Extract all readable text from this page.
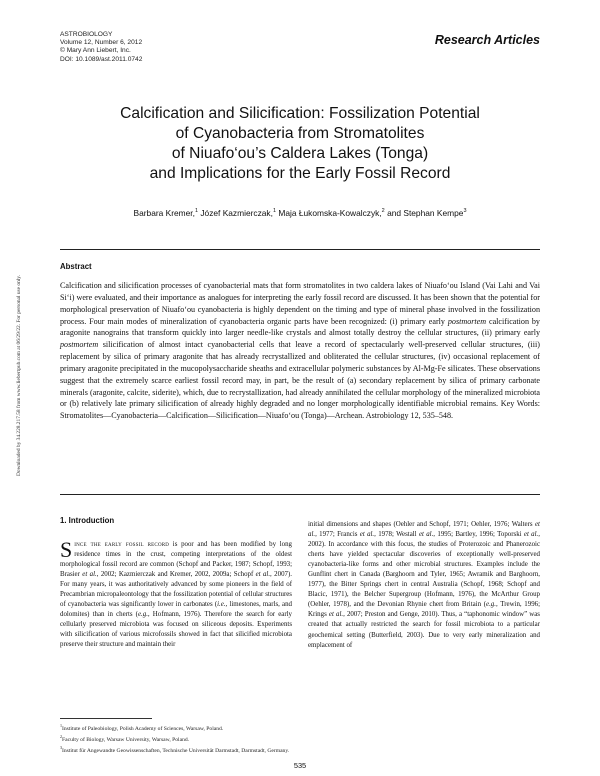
ASTROBIOLOGY
Volume 12, Number 6, 2012
© Mary Ann Liebert, Inc.
DOI: 10.1089/ast.2011.0742
Research Articles
Calcification and Silicification: Fossilization Potential
of Cyanobacteria from Stromatolites
of Niuafo‘ou’s Caldera Lakes (Tonga)
and Implications for the Early Fossil Record
Barbara Kremer,$^1$ Józef Kazmierczak,$^1$ Maja Łukomska-Kowalczyk,$^2$ and Stephan Kempe$^3$
Abstract
Calcification and silicification processes of cyanobacterial mats that form stromatolites in two caldera lakes of Niuafo‘ou Island (Vai Lahi and Vai Si‘i) were evaluated, and their importance as analogues for interpreting the early fossil record are discussed. It has been shown that the potential for morphological preservation of Niuafo‘ou cyanobacteria is highly dependent on the timing and type of mineral phase involved in the fossilization process. Four main modes of mineralization of cyanobacteria organic parts have been recognized: (i) primary early postmortem calcification by aragonite nanograins that transform quickly into larger needle-like crystals and almost totally destroy the cellular structures, (ii) primary early postmortem silicification of almost intact cyanobacterial cells that leave a record of spectacularly well-preserved cellular structures, (iii) replacement by silica of primary aragonite that has already recrystallized and obliterated the cellular structures, (iv) occasional replacement of primary aragonite precipitated in the mucopolysaccharide sheaths and extracellular polymeric substances by Al-Mg-Fe silicates. These observations suggest that the extremely scarce earliest fossil record may, in part, be the result of (a) secondary replacement by silica of primary carbonate minerals (aragonite, calcite, siderite), which, due to recrystallization, had already annihilated the cellular morphology of the mineralized microbiota or (b) relatively late primary silicification of already highly degraded and no longer morphologically identifiable microbial remains. Key Words: Stromatolites—Cyanobacteria—Calcification—Silicification—Niuafo‘ou (Tonga)—Archean. Astrobiology 12, 535–548.
1. Introduction

Since the early fossil record is poor and has been modified by long residence times in the crust, competing interpretations of the oldest morphological fossil record are common (Schopf and Packer, 1987; Schopf, 1993; Brasier et al., 2002; Kazmierczak and Kremer, 2002, 2009a; Schopf et al., 2007). For many years, it was authoritatively advanced by some pioneers in the field of Precambrian micropaleontology that the fossilization potential of cellular structures of cyanobacteria was significantly lower in carbonates (i.e., limestones, marls, and dolomites) than in cherts (e.g., Hofmann, 1976). Therefore the search for early cellularly preserved microbiota was focused on siliceous deposits. Experiments with silicification of various microfossils showed in fact that silicified microbiota preserve their structure and maintain their

initial dimensions and shapes (Oehler and Schopf, 1971; Oehler, 1976; Walters et al., 1977; Francis et al., 1978; Westall et al., 1995; Bartley, 1996; Toporski et al., 2002). In accordance with this focus, the studies of Proterozoic and Phanerozoic cherts have yielded spectacular discoveries of exceptionally well-preserved cyanobacteria-like forms and other microbial structures. Examples include the Gunflint chert in Canada (Barghoorn and Tyler, 1965; Awramik and Barghoorn, 1977), the Bitter Springs chert in central Australia (Schopf, 1968; Schopf and Blacic, 1971), the Belcher Supergroup (Hofmann, 1976), the McArthur Group (Oehler, 1978), and the Devonian Rhynie chert from Britain (e.g., Trewin, 1996; Krings et al., 2007; Preston and Genge, 2010). Thus, a “taphonomic window” was created that actually restricted the search for fossil microbiota to a particular geochemical setting (Butterfield, 2003). Due to very early mineralization and emplacement of

$^1$Institute of Paleobiology, Polish Academy of Sciences, Warsaw, Poland.
$^2$Faculty of Biology, Warsaw University, Warsaw, Poland.
$^3$Institut für Angewandte Geowissenschaften, Technische Universität Darmstadt, Darmstadt, Germany.
535
Downloaded by 34.228.217.58 from www.liebertpub.com at 06/29/22. For personal use only.
